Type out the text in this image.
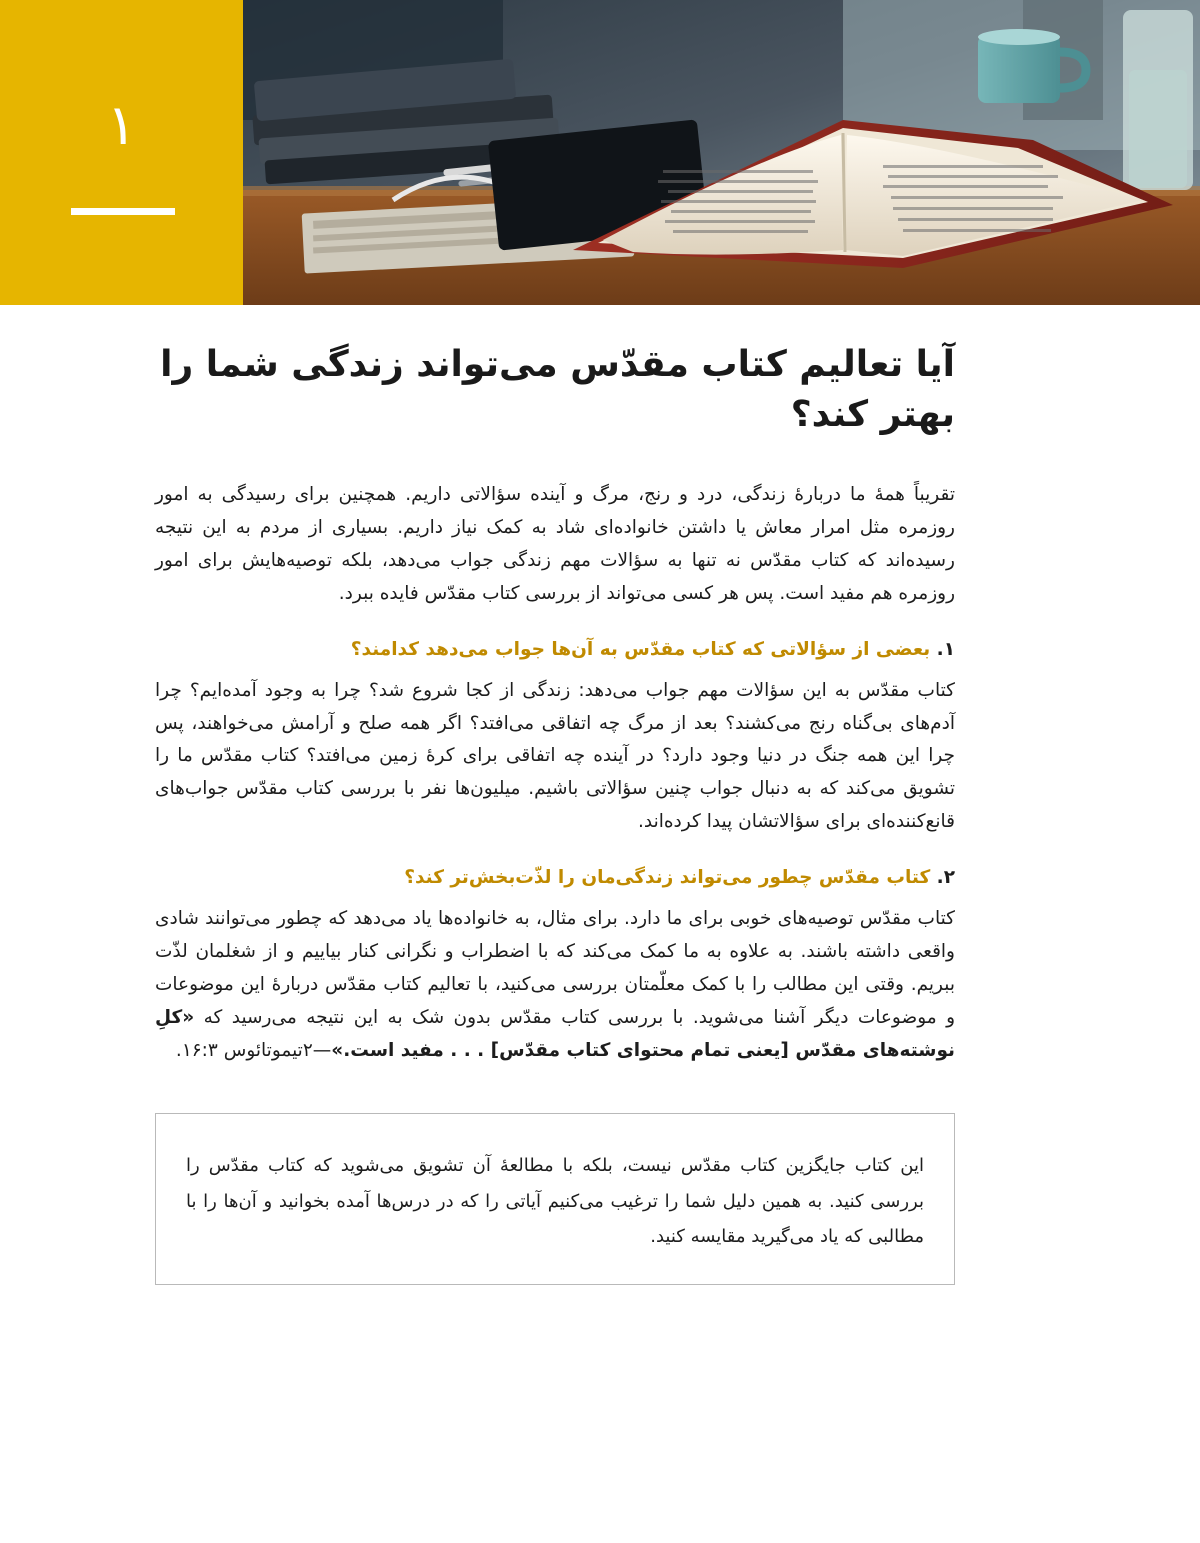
۱
آیا تعالیم کتاب مقدّس می‌تواند زندگی شما را بهتر کند؟

تقریباً همهٔ ما دربارهٔ زندگی، درد و رنج، مرگ و آینده سؤالاتی داریم. همچنین برای رسیدگی به امور روزمره مثل امرار معاش یا داشتن خانواده‌ای شاد به کمک نیاز داریم. بسیاری از مردم به این نتیجه رسیده‌اند که کتاب مقدّس نه تنها به سؤالات مهم زندگی جواب می‌دهد، بلکه توصیه‌هایش برای امور روزمره هم مفید است. پس هر کسی می‌تواند از بررسی کتاب مقدّس فایده ببرد.

۱. بعضی از سؤالاتی که کتاب مقدّس به آن‌ها جواب می‌دهد کدامند؟

کتاب مقدّس به این سؤالات مهم جواب می‌دهد: زندگی از کجا شروع شد؟ چرا به وجود آمده‌ایم؟ چرا آدم‌های بی‌گناه رنج می‌کشند؟ بعد از مرگ چه اتفاقی می‌افتد؟ اگر همه صلح و آرامش می‌خواهند، پس چرا این همه جنگ در دنیا وجود دارد؟ در آینده چه اتفاقی برای کرهٔ زمین می‌افتد؟ کتاب مقدّس ما را تشویق می‌کند که به دنبال جواب چنین سؤالاتی باشیم. میلیون‌ها نفر با بررسی کتاب مقدّس جواب‌های قانع‌کننده‌ای برای سؤالاتشان پیدا کرده‌اند.

۲. کتاب مقدّس چطور می‌تواند زندگی‌مان را لذّت‌بخش‌تر کند؟

کتاب مقدّس توصیه‌های خوبی برای ما دارد. برای مثال، به خانواده‌ها یاد می‌دهد که چطور می‌توانند شادی واقعی داشته باشند. به علاوه به ما کمک می‌کند که با اضطراب و نگرانی کنار بیاییم و از شغلمان لذّت ببریم. وقتی این مطالب را با کمک معلّمتان بررسی می‌کنید، با تعالیم کتاب مقدّس دربارهٔ این موضوعات و موضوعات دیگر آشنا می‌شوید. با بررسی کتاب مقدّس بدون شک به این نتیجه می‌رسید که «کلِ نوشته‌های مقدّس [یعنی تمام محتوای کتاب مقدّس] . . . مفید است.»—۲تیموتائوس ۱۶:۳.

این کتاب جایگزین کتاب مقدّس نیست، بلکه با مطالعهٔ آن تشویق می‌شوید که کتاب مقدّس را بررسی کنید. به همین دلیل شما را ترغیب می‌کنیم آیاتی را که در درس‌ها آمده بخوانید و آن‌ها را با مطالبی که یاد می‌گیرید مقایسه کنید.
